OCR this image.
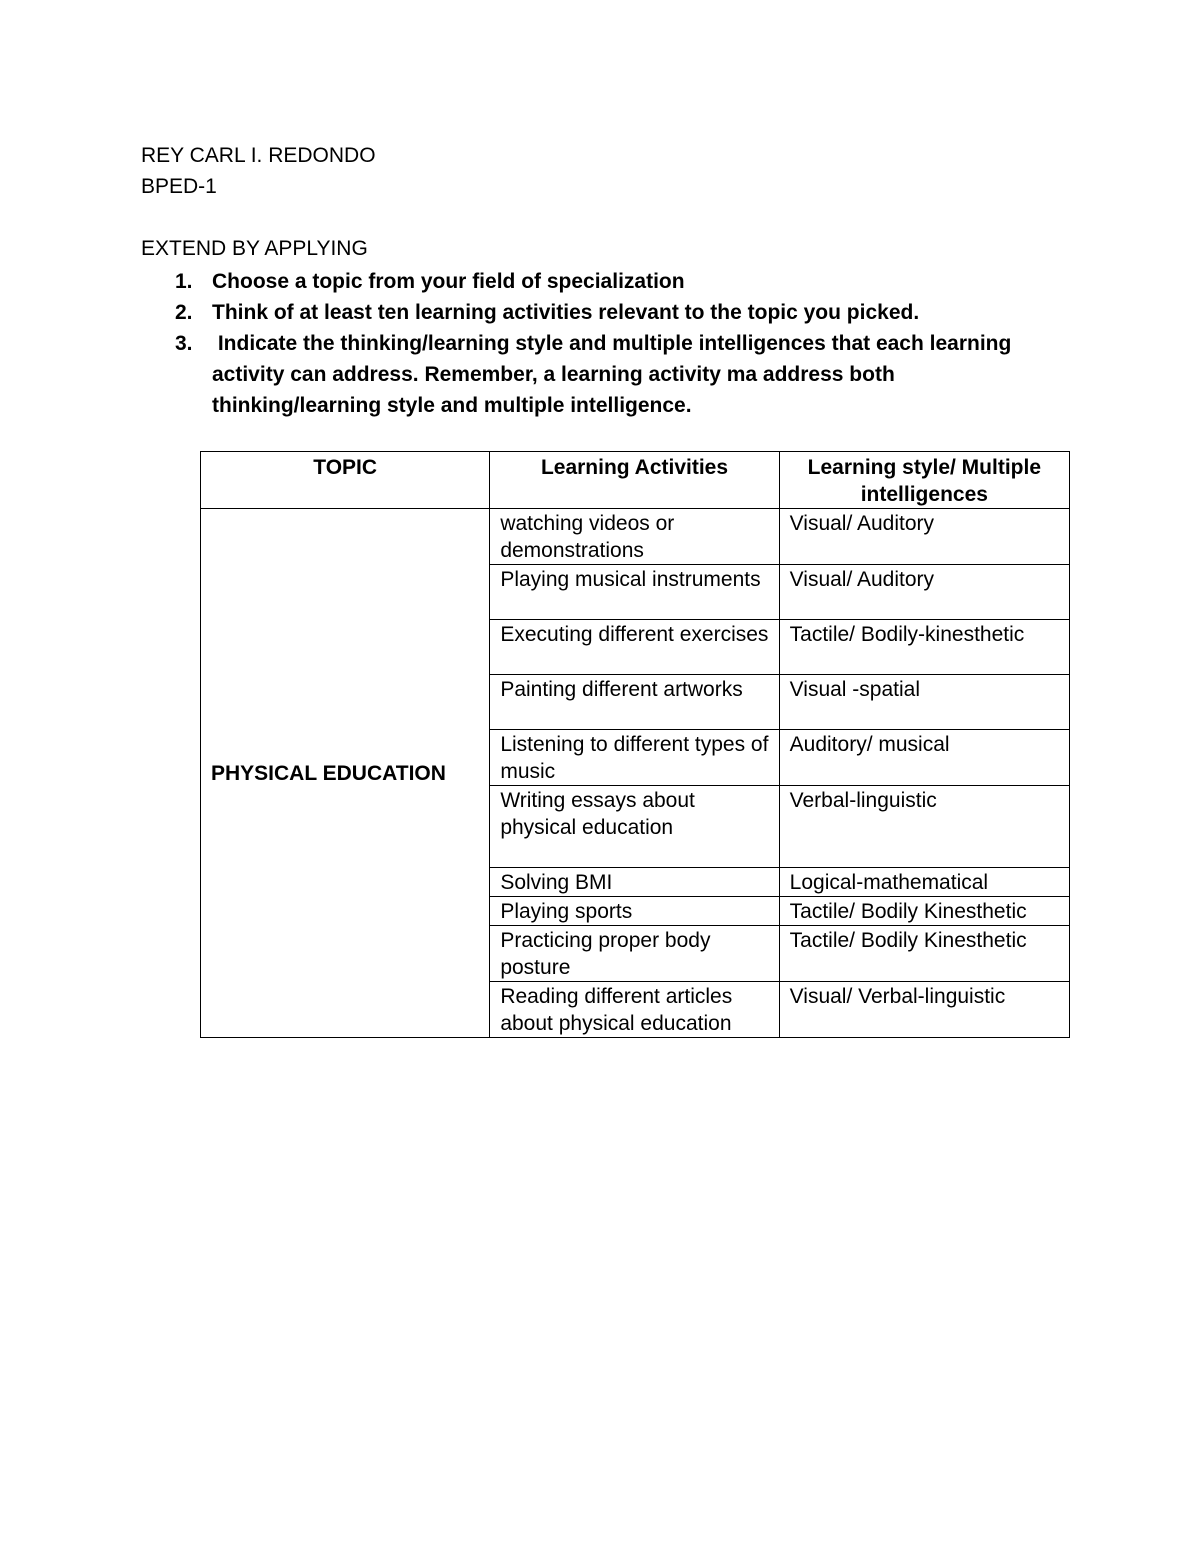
REY CARL I. REDONDO
BPED-1
EXTEND BY APPLYING
1. Choose a topic from your field of specialization
2. Think of at least ten learning activities relevant to the topic you picked.
3. Indicate the thinking/learning style and multiple intelligences that each learning activity can address. Remember, a learning activity ma address both thinking/learning style and multiple intelligence.
TOPIC	Learning Activities	Learning style/ Multiple intelligences
PHYSICAL EDUCATION	watching videos or demonstrations	Visual/ Auditory
	Playing musical instruments	Visual/ Auditory
	Executing different exercises	Tactile/ Bodily-kinesthetic
	Painting different artworks	Visual -spatial
	Listening to different types of music	Auditory/ musical
	Writing essays about physical education	Verbal-linguistic
	Solving BMI	Logical-mathematical
	Playing sports	Tactile/ Bodily Kinesthetic
	Practicing proper body posture	Tactile/ Bodily Kinesthetic
	Reading different articles about physical education	Visual/ Verbal-linguistic
